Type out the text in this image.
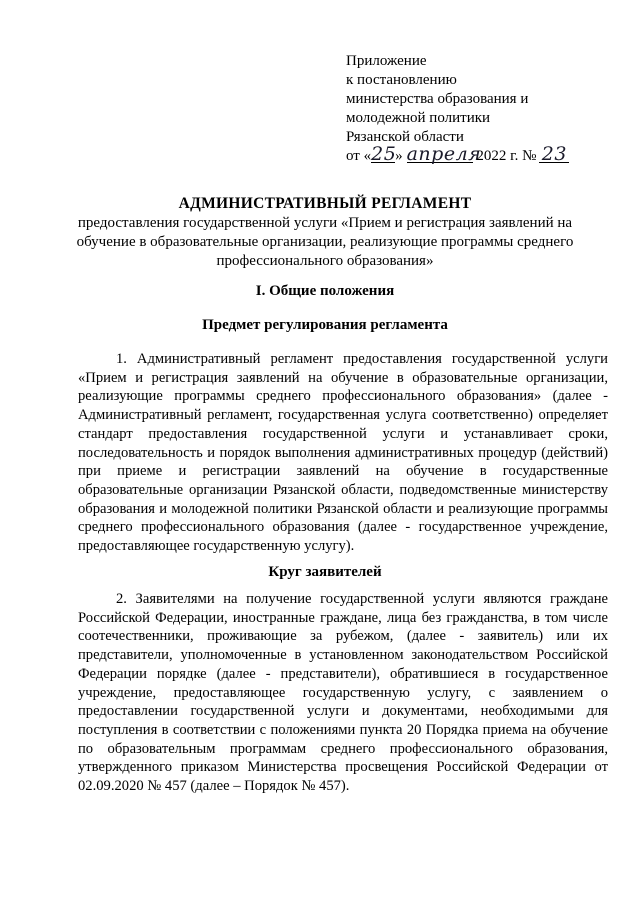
Приложение
к постановлению
министерства образования и
молодежной политики
Рязанской области
от «25» апреля 2022 г. № 23
АДМИНИСТРАТИВНЫЙ РЕГЛАМЕНТ
предоставления государственной услуги «Прием и регистрация заявлений на обучение в образовательные организации, реализующие программы среднего профессионального образования»
I. Общие положения
Предмет регулирования регламента
1. Административный регламент предоставления государственной услуги «Прием и регистрация заявлений на обучение в образовательные организации, реализующие программы среднего профессионального образования» (далее - Административный регламент, государственная услуга соответственно) определяет стандарт предоставления государственной услуги и устанавливает сроки, последовательность и порядок выполнения административных процедур (действий) при приеме и регистрации заявлений на обучение в государственные образовательные организации Рязанской области, подведомственные министерству образования и молодежной политики Рязанской области и реализующие программы среднего профессионального образования (далее - государственное учреждение, предоставляющее государственную услугу).
Круг заявителей
2. Заявителями на получение государственной услуги являются граждане Российской Федерации, иностранные граждане, лица без гражданства, в том числе соотечественники, проживающие за рубежом, (далее - заявитель) или их представители, уполномоченные в установленном законодательством Российской Федерации порядке (далее - представители), обратившиеся в государственное учреждение, предоставляющее государственную услугу, с заявлением о предоставлении государственной услуги и документами, необходимыми для поступления в соответствии с положениями пункта 20 Порядка приема на обучение по образовательным программам среднего профессионального образования, утвержденного приказом Министерства просвещения Российской Федерации от 02.09.2020 № 457 (далее – Порядок № 457).
